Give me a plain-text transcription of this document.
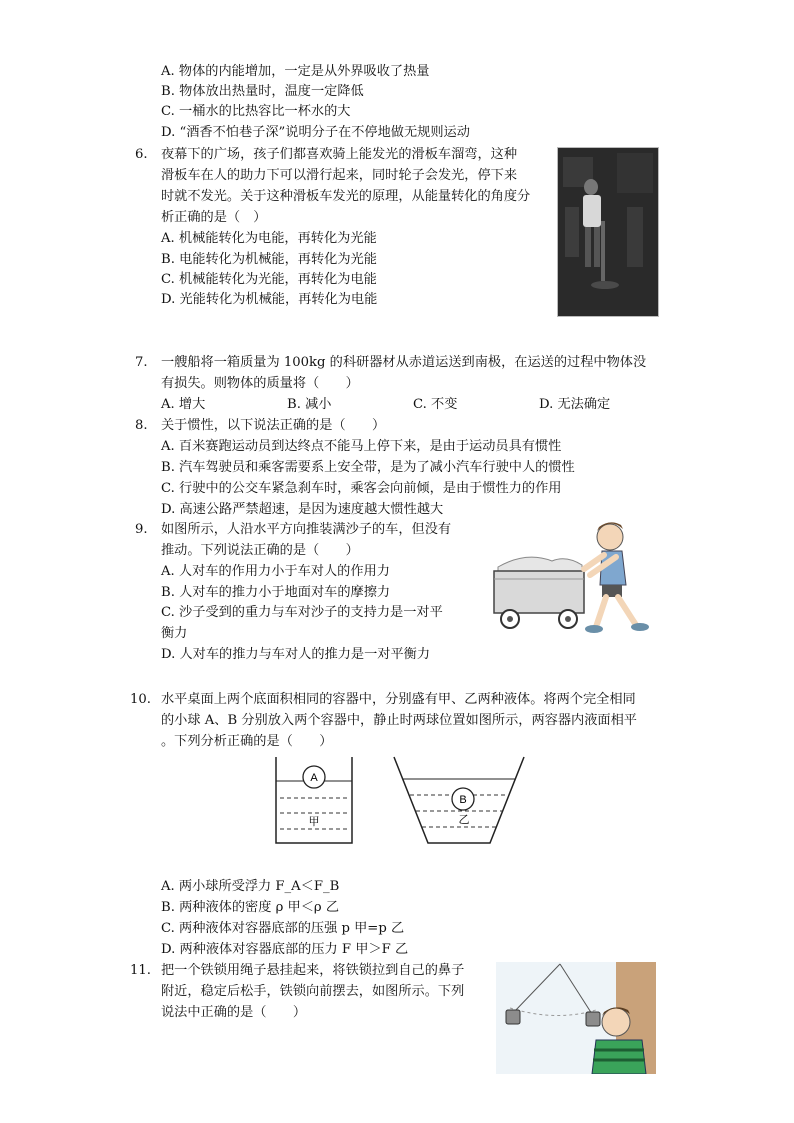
A. 物体的内能增加，一定是从外界吸收了热量
B. 物体放出热量时，温度一定降低
C. 一桶水的比热容比一杯水的大
D. “酒香不怕巷子深”说明分子在不停地做无规则运动
6. 夜幕下的广场，孩子们都喜欢骑上能发光的滑板车溜弯，这种
滑板车在人的助力下可以滑行起来，同时轮子会发光，停下来
时就不发光。关于这种滑板车发光的原理，从能量转化的角度分
析正确的是（　）
A. 机械能转化为电能，再转化为光能
B. 电能转化为机械能，再转化为光能
C. 机械能转化为光能，再转化为电能
D. 光能转化为机械能，再转化为电能
7. 一艘船将一箱质量为 100kg 的科研器材从赤道运送到南极，在运送的过程中物体没
有损失。则物体的质量将（　　）
A. 增大	B. 减小	C. 不变	D. 无法确定
8. 关于惯性，以下说法正确的是（　　）
A. 百米赛跑运动员到达终点不能马上停下来，是由于运动员具有惯性
B. 汽车驾驶员和乘客需要系上安全带，是为了减小汽车行驶中人的惯性
C. 行驶中的公交车紧急刹车时，乘客会向前倾，是由于惯性力的作用
D. 高速公路严禁超速，是因为速度越大惯性越大
9. 如图所示，人沿水平方向推装满沙子的车，但没有
推动。下列说法正确的是（　　）
A. 人对车的作用力小于车对人的作用力
B. 人对车的推力小于地面对车的摩擦力
C. 沙子受到的重力与车对沙子的支持力是一对平
衡力
D. 人对车的推力与车对人的推力是一对平衡力
10. 水平桌面上两个底面积相同的容器中，分别盛有甲、乙两种液体。将两个完全相同
的小球 A、B 分别放入两个容器中，静止时两球位置如图所示，两容器内液面相平
。下列分析正确的是（　　）
A
甲
B
乙
A. 两小球所受浮力 F_A＜F_B
B. 两种液体的密度 ρ 甲＜ρ 乙
C. 两种液体对容器底部的压强 p 甲=p 乙
D. 两种液体对容器底部的压力 F 甲＞F 乙
11. 把一个铁锁用绳子悬挂起来，将铁锁拉到自己的鼻子
附近，稳定后松手，铁锁向前摆去，如图所示。下列
说法中正确的是（　　）
